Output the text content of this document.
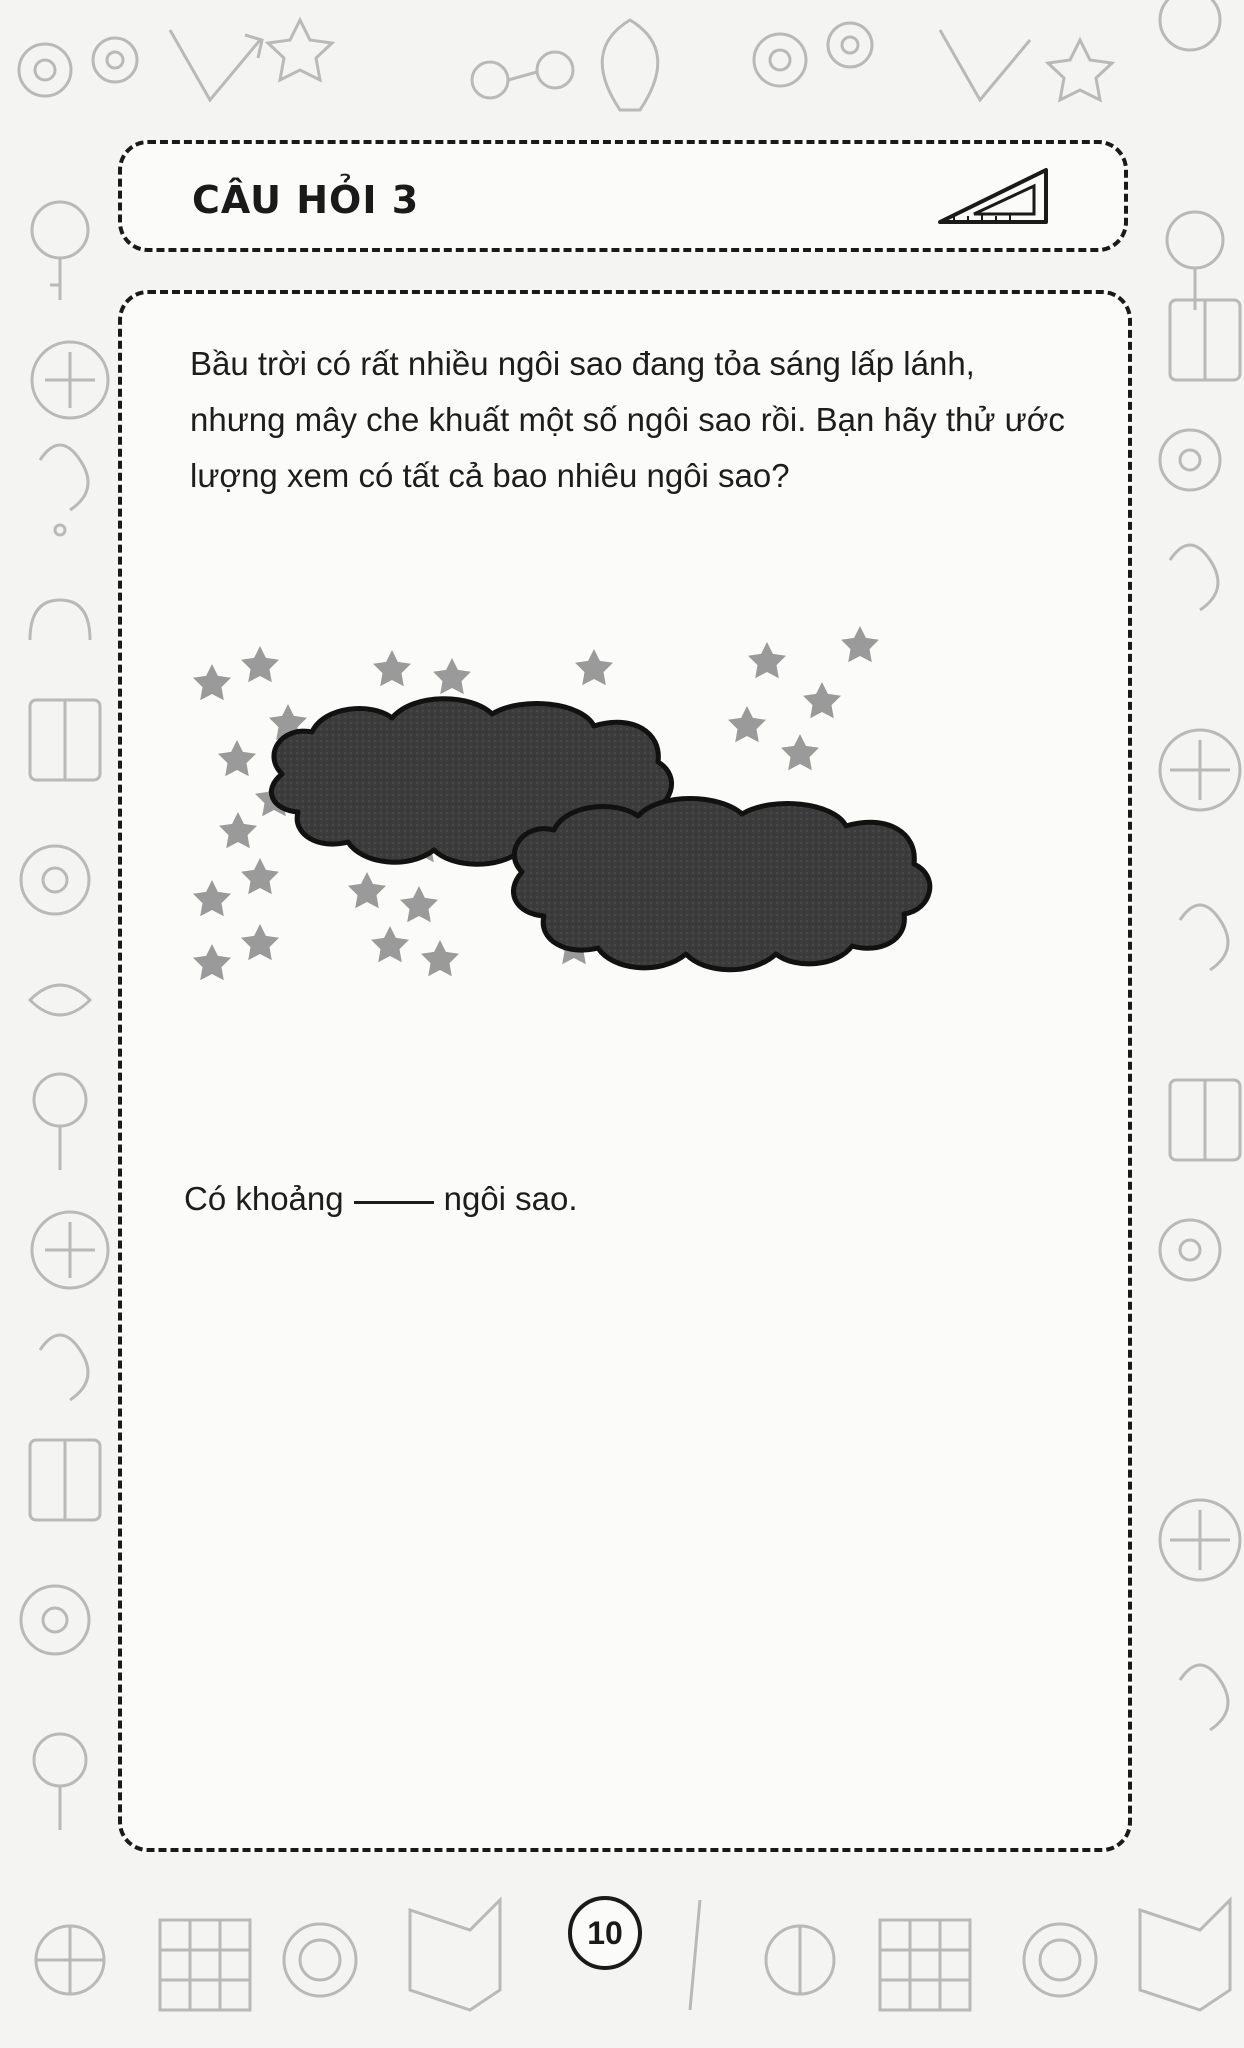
CÂU HỎI 3

Bầu trời có rất nhiều ngôi sao đang tỏa sáng lấp lánh, nhưng mây che khuất một số ngôi sao rồi. Bạn hãy thử ước lượng xem có tất cả bao nhiêu ngôi sao?

Có khoảng	ngôi sao.
10
